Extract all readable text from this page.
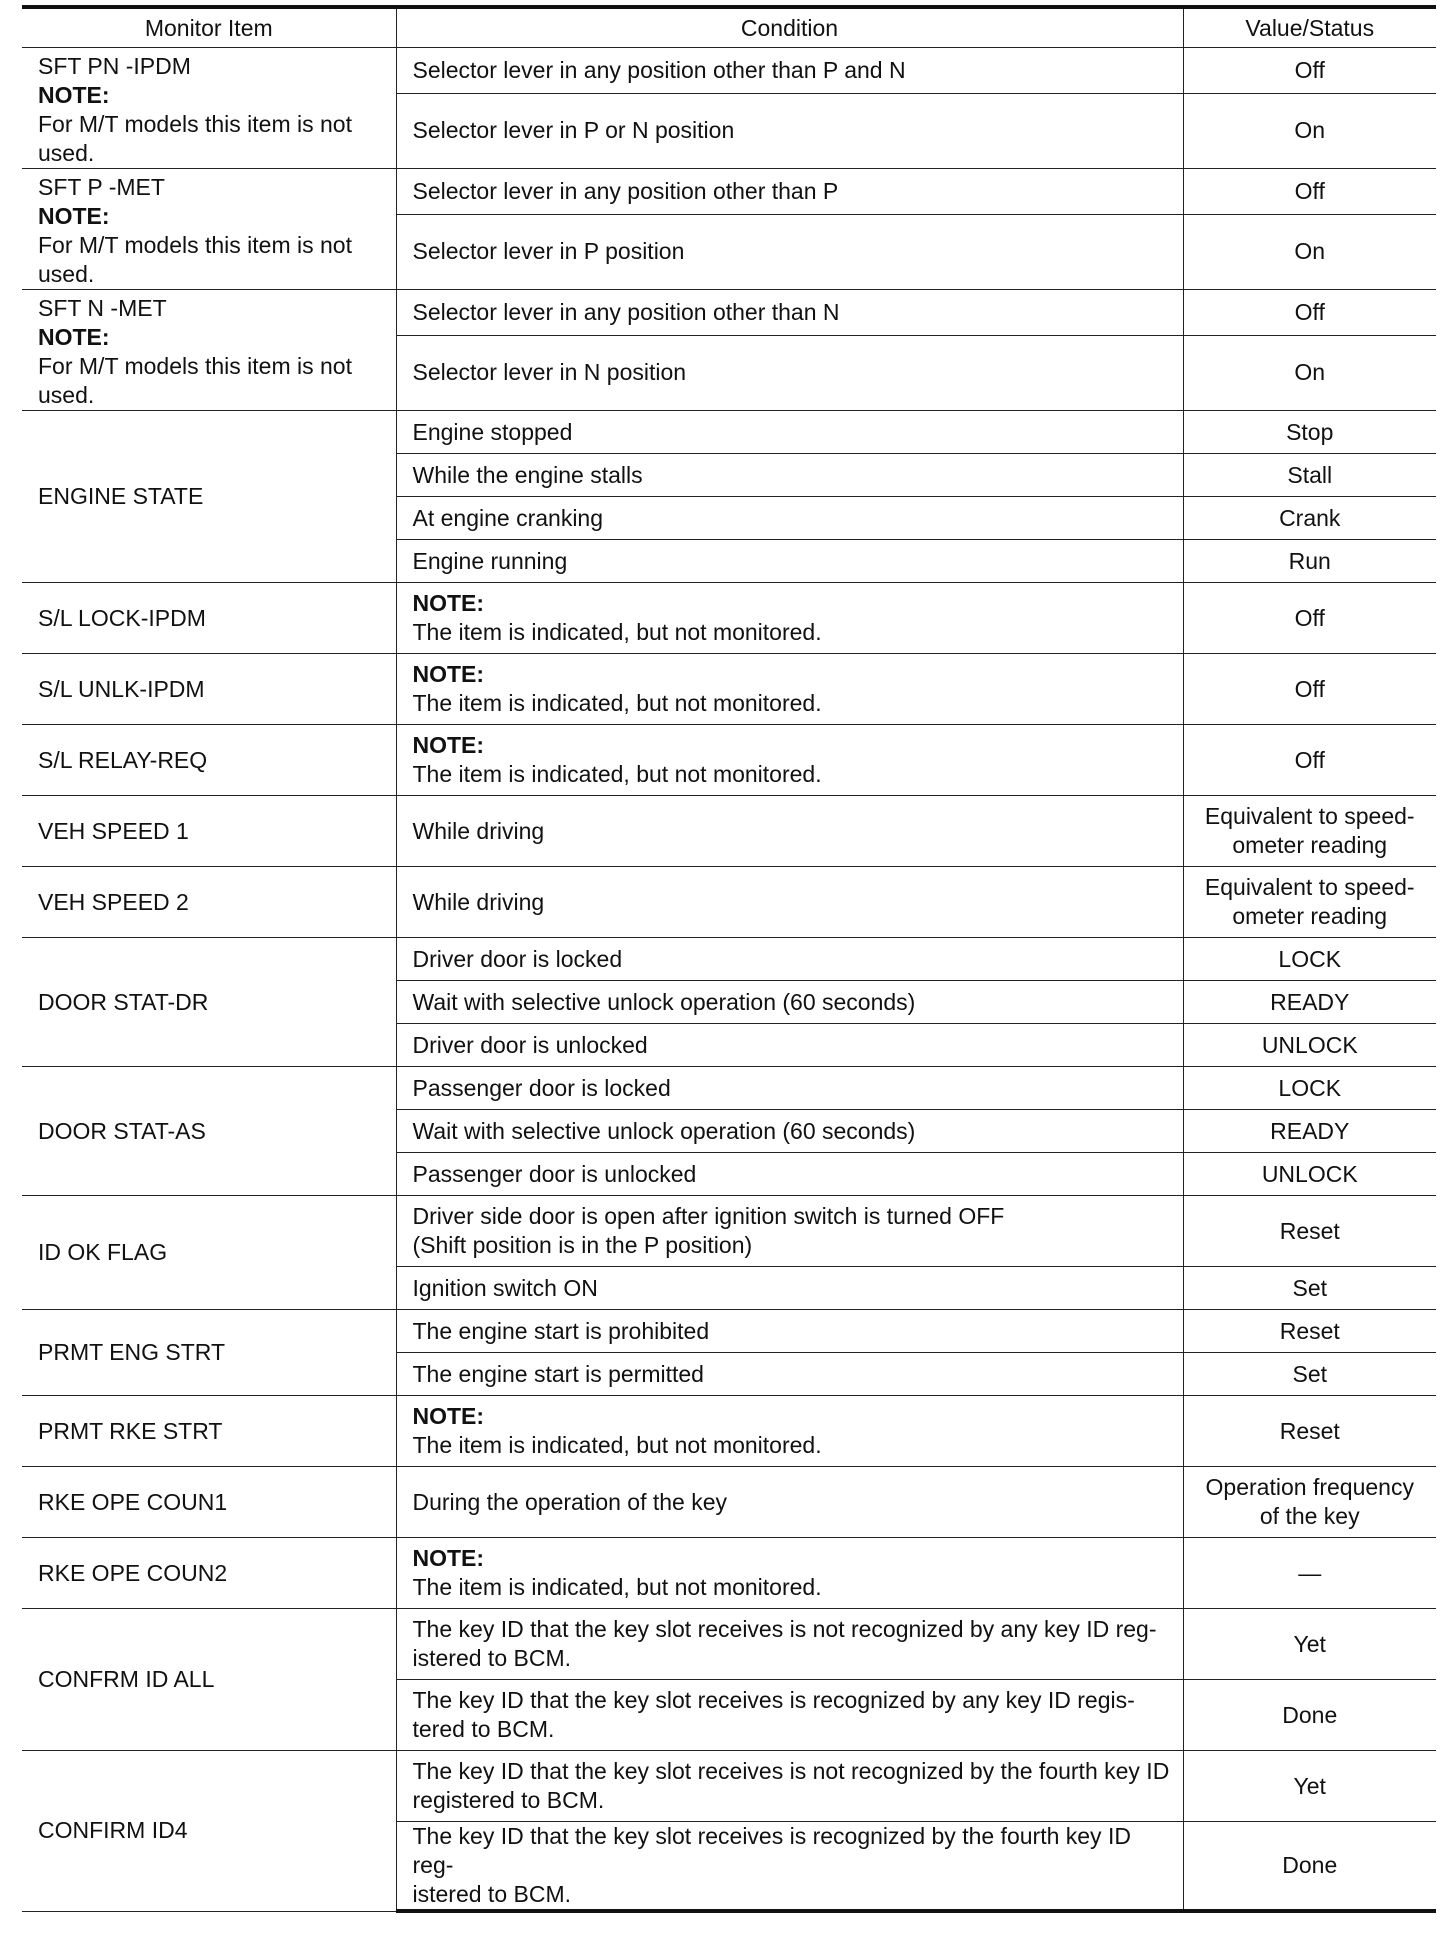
Monitor Item	Condition	Value/Status

SFT PN -IPDM
NOTE:
For M/T models this item is not
used.	Selector lever in any position other than P and N	Off

	Selector lever in P or N position	On

SFT P -MET
NOTE:
For M/T models this item is not
used.	Selector lever in any position other than P	Off

	Selector lever in P position	On

SFT N -MET
NOTE:
For M/T models this item is not
used.	Selector lever in any position other than N	Off

	Selector lever in N position	On

ENGINE STATE	Engine stopped	Stop

	While the engine stalls	Stall

	At engine cranking	Crank

	Engine running	Run

S/L LOCK-IPDM	NOTE:
The item is indicated, but not monitored.	Off

S/L UNLK-IPDM	NOTE:
The item is indicated, but not monitored.	Off

S/L RELAY-REQ	NOTE:
The item is indicated, but not monitored.	Off

VEH SPEED 1	While driving	Equivalent to speed-
ometer reading

VEH SPEED 2	While driving	Equivalent to speed-
ometer reading

DOOR STAT-DR	Driver door is locked	LOCK

	Wait with selective unlock operation (60 seconds)	READY

	Driver door is unlocked	UNLOCK

DOOR STAT-AS	Passenger door is locked	LOCK

	Wait with selective unlock operation (60 seconds)	READY

	Passenger door is unlocked	UNLOCK

ID OK FLAG	Driver side door is open after ignition switch is turned OFF
(Shift position is in the P position)	Reset

	Ignition switch ON	Set

PRMT ENG STRT	The engine start is prohibited	Reset

	The engine start is permitted	Set

PRMT RKE STRT	NOTE:
The item is indicated, but not monitored.	Reset

RKE OPE COUN1	During the operation of the key	Operation frequency
of the key

RKE OPE COUN2	NOTE:
The item is indicated, but not monitored.	—

CONFRM ID ALL	The key ID that the key slot receives is not recognized by any key ID reg-
istered to BCM.	Yet

	The key ID that the key slot receives is recognized by any key ID regis-
tered to BCM.	Done

CONFIRM ID4	The key ID that the key slot receives is not recognized by the fourth key ID
registered to BCM.	Yet

	The key ID that the key slot receives is recognized by the fourth key ID reg-
istered to BCM.	Done
